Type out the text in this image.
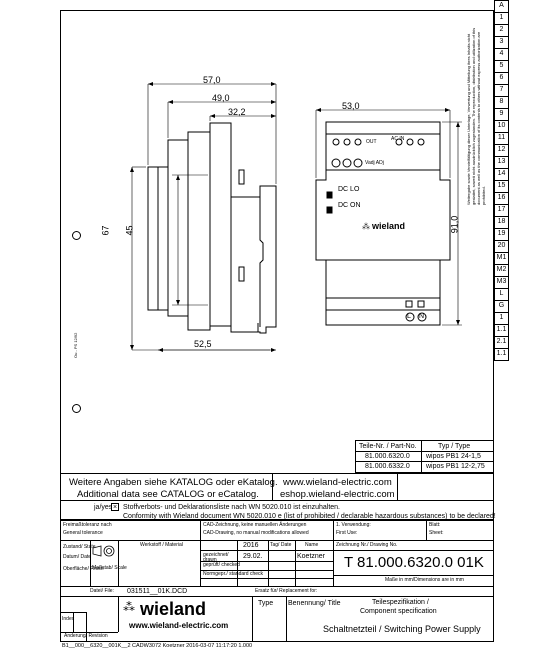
Ou - PS 12/92
A
1
2
3
4
5
6
7
8
9
10
11
12
13
14
15
16
17
18
19
20
M1
M2
M3
L
G
1
1.1
2.1
1.1
Weitergabe sowie Vervielfältigung dieser Unterlage, Verwertung und Mitteilung ihres Inhalts nicht gestattet, soweit nicht ausdrücklich zugestanden. The reproduction, distribution and utilization of this document as well as the communication of its contents to others without express authorization are prohibited.
57,0
49,0
32,2
53,0
67 45	91,0
52,5
OUT	AC IN
Vadj ADj
DC LO
DC ON
wieland
⁂
L N
Teile-Nr. / Part-No.	Typ / Type
81.000.6320.0 wipos PB1 24-1,5
81.000.6332.0 wipos PB1 12-2,75
Weitere Angaben siehe KATALOG oder eKatalog.
Additional data see CATALOG or eCatalog.
www.wieland-electric.com
eshop.wieland-electric.com
ja/yes × Stoffverbots- und Deklarationsliste nach WN 5020.010 ist einzuhalten.
Conformity with Wieland document WN 5020.010 e (list of prohibited / declarable hazardous substances) to be declared!
Freimaßtoleranz nach
General tolerance
CAD-Zeichnung, keine manuellen Änderungen
CAD-Drawing, no manual modifications allowed
1. Verwendung:
First Use:
Blatt:
Sheet:
Zustand/ State
Datum/ Date
Oberfläche/ Finish
Maßstab/ Scale
Werkstoff / Material	2016 Tag/ Date	Name
gezeichnet/ drawn	29.02.	Koetzner
geprüft/ checked
Normgepr./ standard check
Zeichnung Nr./ Drawing No.
T 81.000.6320.0 01K
Maße in mm/Dimensions are in mm
Datei/ File: 031511__01K.DCD	Ersatz für/ Replacement for:
Type Benennung/ Title	Teilespezifikation /
Component specification
Schaltnetzteil / Switching Power Supply
⁂ wieland
www.wieland-electric.com
Index
Änderung/ Revision
B1__000__6320__001K__2 CADW3072 Koetzner 2016-03-07 11:17:20 1.000
